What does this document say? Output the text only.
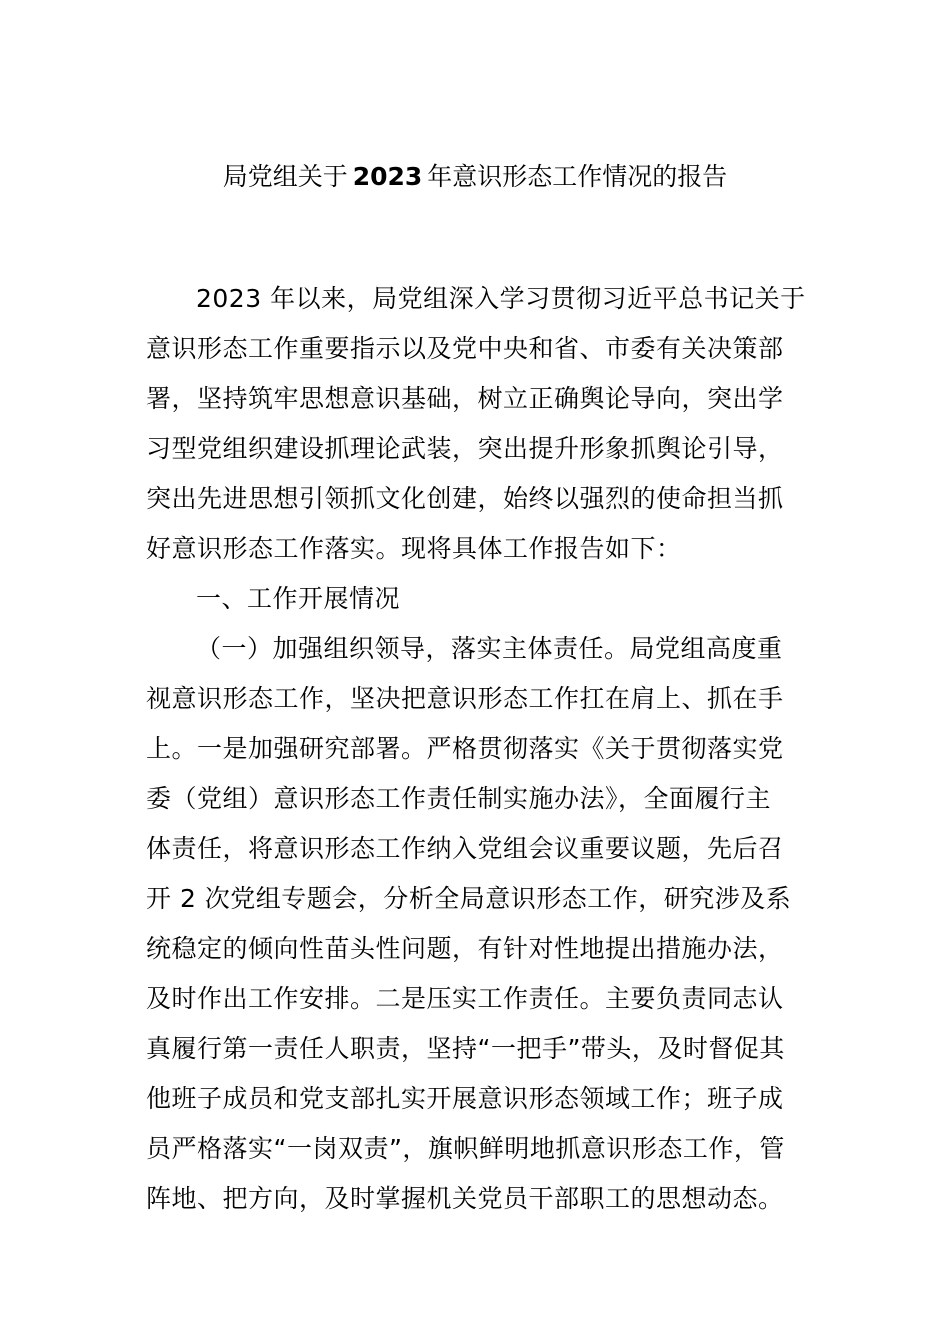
局党组关于 2023 年意识形态工作情况的报告
2023 年以来，局党组深入学习贯彻习近平总书记关于
意识形态工作重要指示以及党中央和省、市委有关决策部
署，坚持筑牢思想意识基础，树立正确舆论导向，突出学
习型党组织建设抓理论武装，突出提升形象抓舆论引导，
突出先进思想引领抓文化创建，始终以强烈的使命担当抓
好意识形态工作落实。现将具体工作报告如下：
一、工作开展情况
（一）加强组织领导，落实主体责任。局党组高度重
视意识形态工作，坚决把意识形态工作扛在肩上、抓在手
上。一是加强研究部署。严格贯彻落实《关于贯彻落实党
委（党组）意识形态工作责任制实施办法》，全面履行主
体责任，将意识形态工作纳入党组会议重要议题，先后召
开 2 次党组专题会，分析全局意识形态工作，研究涉及系
统稳定的倾向性苗头性问题，有针对性地提出措施办法，
及时作出工作安排。二是压实工作责任。主要负责同志认
真履行第一责任人职责，坚持“一把手”带头，及时督促其
他班子成员和党支部扎实开展意识形态领域工作；班子成
员严格落实“一岗双责”，旗帜鲜明地抓意识形态工作，管
阵地、把方向，及时掌握机关党员干部职工的思想动态。
